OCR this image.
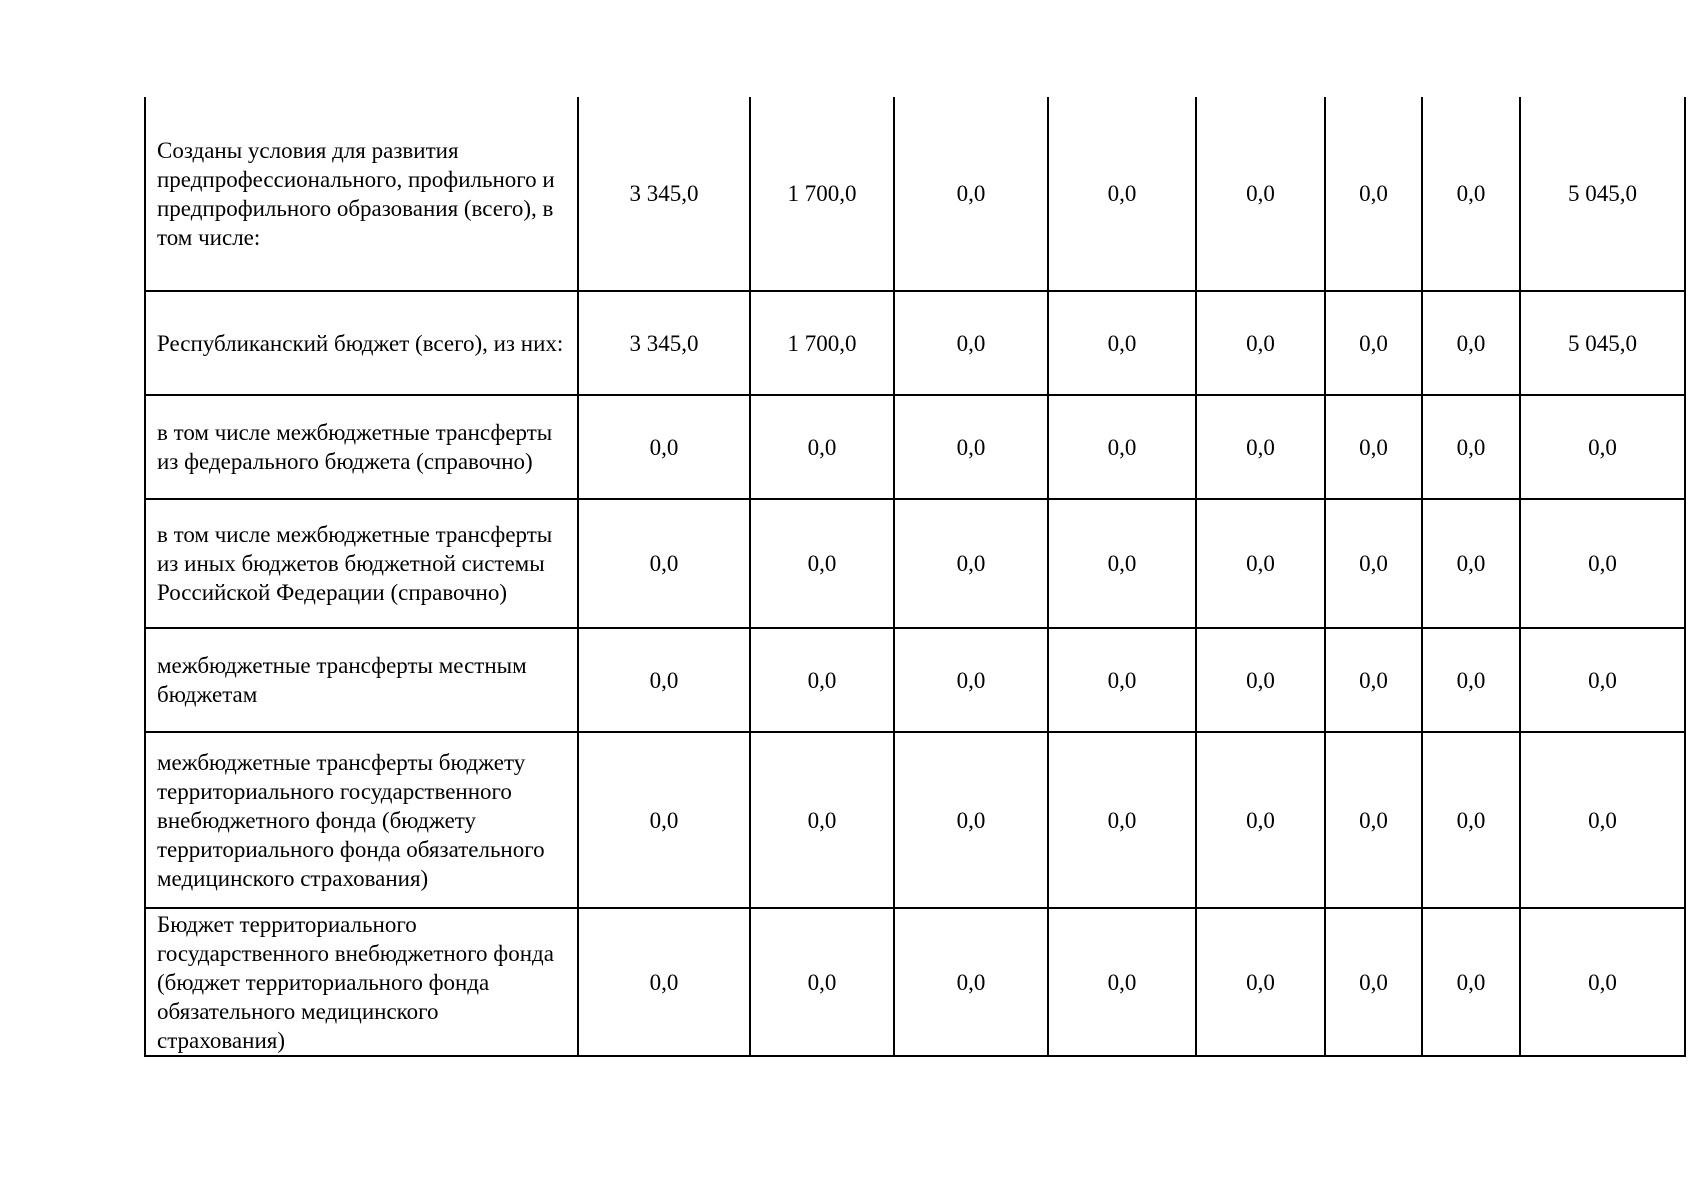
Созданы условия для развития предпрофессионального, профильного и предпрофильного образования (всего), в том числе:	3 345,0	1 700,0	0,0	0,0	0,0	0,0	0,0	5 045,0

Республиканский бюджет (всего), из них:	3 345,0	1 700,0	0,0	0,0	0,0	0,0	0,0	5 045,0

в том числе межбюджетные трансферты из федерального бюджета (справочно)	0,0	0,0	0,0	0,0	0,0	0,0	0,0	0,0

в том числе межбюджетные трансферты из иных бюджетов бюджетной системы Российской Федерации (справочно)	0,0	0,0	0,0	0,0	0,0	0,0	0,0	0,0

межбюджетные трансферты местным бюджетам	0,0	0,0	0,0	0,0	0,0	0,0	0,0	0,0

межбюджетные трансферты бюджету территориального государственного внебюджетного фонда (бюджету территориального фонда обязательного медицинского страхования)	0,0	0,0	0,0	0,0	0,0	0,0	0,0	0,0

Бюджет территориального государственного внебюджетного фонда (бюджет территориального фонда обязательного медицинского страхования)	0,0	0,0	0,0	0,0	0,0	0,0	0,0	0,0
